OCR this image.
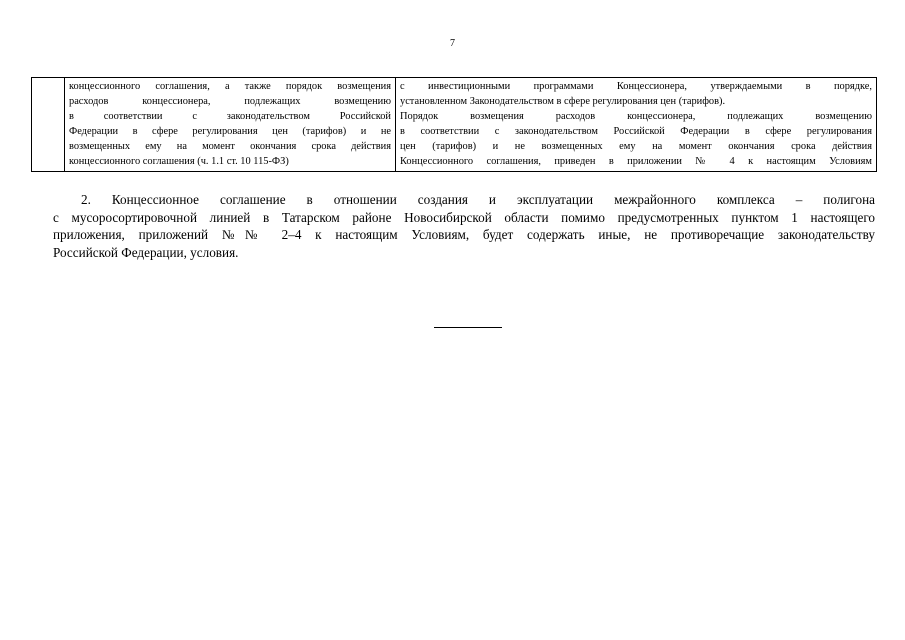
7

концессионного соглашения, а также порядок возмещения
расходов концессионера, подлежащих возмещению
в соответствии с законодательством Российской
Федерации в сфере регулирования цен (тарифов) и не
возмещенных ему на момент окончания срока действия
концессионного соглашения (ч. 1.1 ст. 10 115-ФЗ)

с инвестиционными программами Концессионера, утверждаемыми в порядке,
установленном Законодательством в сфере регулирования цен (тарифов).
Порядок возмещения расходов концессионера, подлежащих возмещению
в соответствии с законодательством Российской Федерации в сфере регулирования
цен (тарифов) и не возмещенных ему на момент окончания срока действия
Концессионного соглашения, приведен в приложении № 4 к настоящим Условиям
2. Концессионное соглашение в отношении создания и эксплуатации межрайонного комплекса – полигона
с мусоросортировочной линией в Татарском районе Новосибирской области помимо предусмотренных пунктом 1 настоящего
приложения, приложений №№ 2–4 к настоящим Условиям, будет содержать иные, не противоречащие законодательству
Российской Федерации, условия.
